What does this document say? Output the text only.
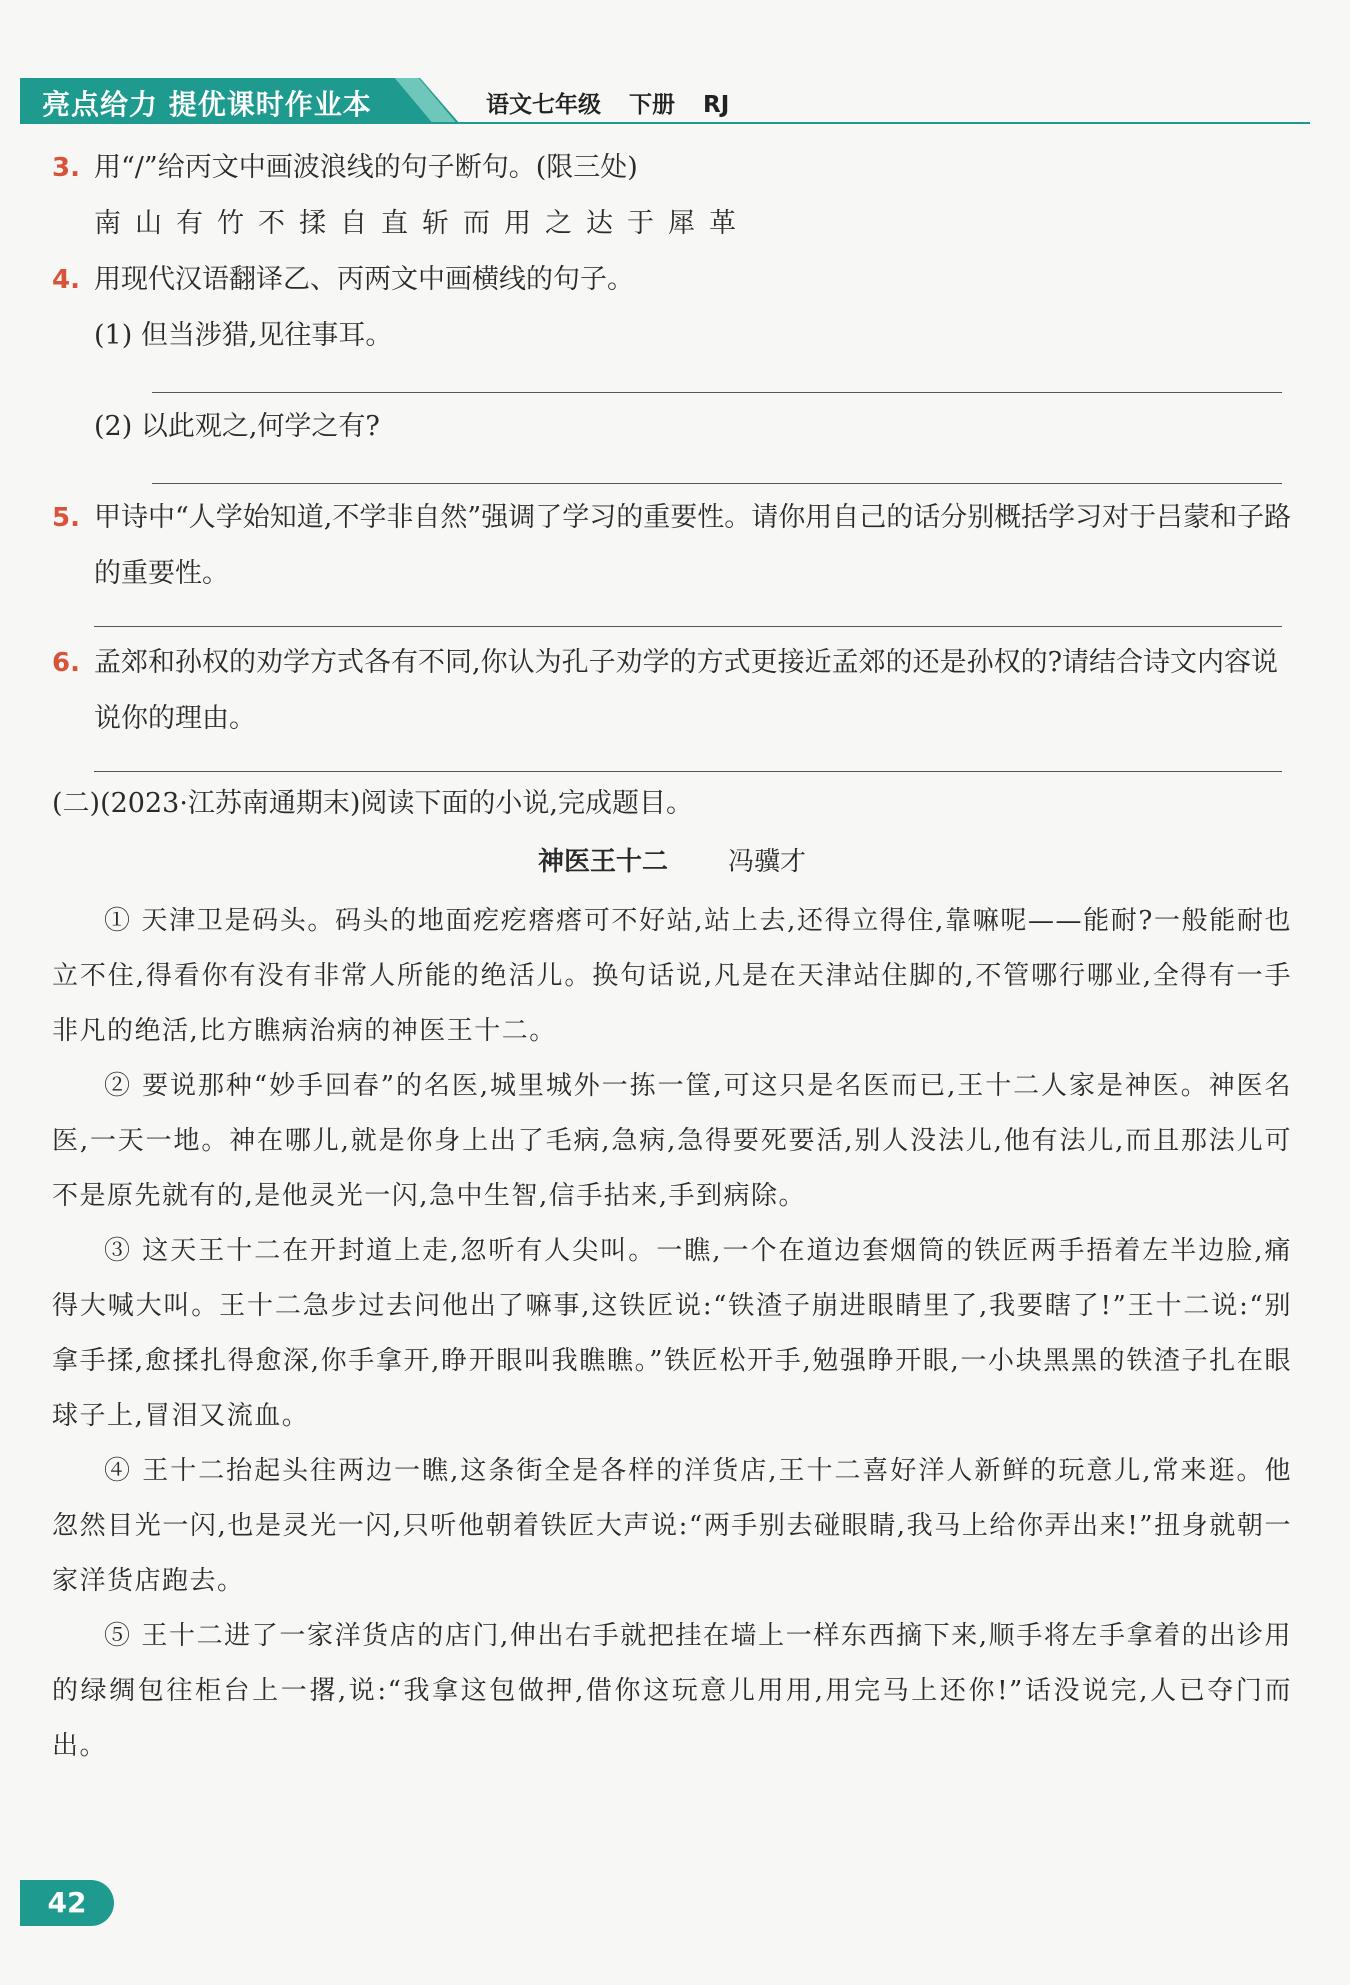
亮点给力 提优课时作业本	语文七年级 下册 RJ
3. 用“/”给丙文中画波浪线的句子断句。(限三处)
南山有竹不揉自直斩而用之达于犀革
4. 用现代汉语翻译乙、丙两文中画横线的句子。
(1) 但当涉猎,见往事耳。
(2) 以此观之,何学之有?
5. 甲诗中“人学始知道,不学非自然”强调了学习的重要性。请你用自己的话分别概括学习对于吕蒙和子路的重要性。
6. 孟郊和孙权的劝学方式各有不同,你认为孔子劝学的方式更接近孟郊的还是孙权的?请结合诗文内容说说你的理由。
(二)(2023·江苏南通期末)阅读下面的小说,完成题目。
神医王十二 冯骥才

① 天津卫是码头。码头的地面疙疙瘩瘩可不好站,站上去,还得立得住,靠嘛呢——能耐?一般能耐也立不住,得看你有没有非常人所能的绝活儿。换句话说,凡是在天津站住脚的,不管哪行哪业,全得有一手非凡的绝活,比方瞧病治病的神医王十二。

② 要说那种“妙手回春”的名医,城里城外一拣一筐,可这只是名医而已,王十二人家是神医。神医名医,一天一地。神在哪儿,就是你身上出了毛病,急病,急得要死要活,别人没法儿,他有法儿,而且那法儿可不是原先就有的,是他灵光一闪,急中生智,信手拈来,手到病除。

③ 这天王十二在开封道上走,忽听有人尖叫。一瞧,一个在道边套烟筒的铁匠两手捂着左半边脸,痛得大喊大叫。王十二急步过去问他出了嘛事,这铁匠说:“铁渣子崩进眼睛里了,我要瞎了!”王十二说:“别拿手揉,愈揉扎得愈深,你手拿开,睁开眼叫我瞧瞧。”铁匠松开手,勉强睁开眼,一小块黑黑的铁渣子扎在眼球子上,冒泪又流血。

④ 王十二抬起头往两边一瞧,这条街全是各样的洋货店,王十二喜好洋人新鲜的玩意儿,常来逛。他忽然目光一闪,也是灵光一闪,只听他朝着铁匠大声说:“两手别去碰眼睛,我马上给你弄出来!”扭身就朝一家洋货店跑去。

⑤ 王十二进了一家洋货店的店门,伸出右手就把挂在墙上一样东西摘下来,顺手将左手拿着的出诊用的绿绸包往柜台上一撂,说:“我拿这包做押,借你这玩意儿用用,用完马上还你!”话没说完,人已夺门而出。

42
